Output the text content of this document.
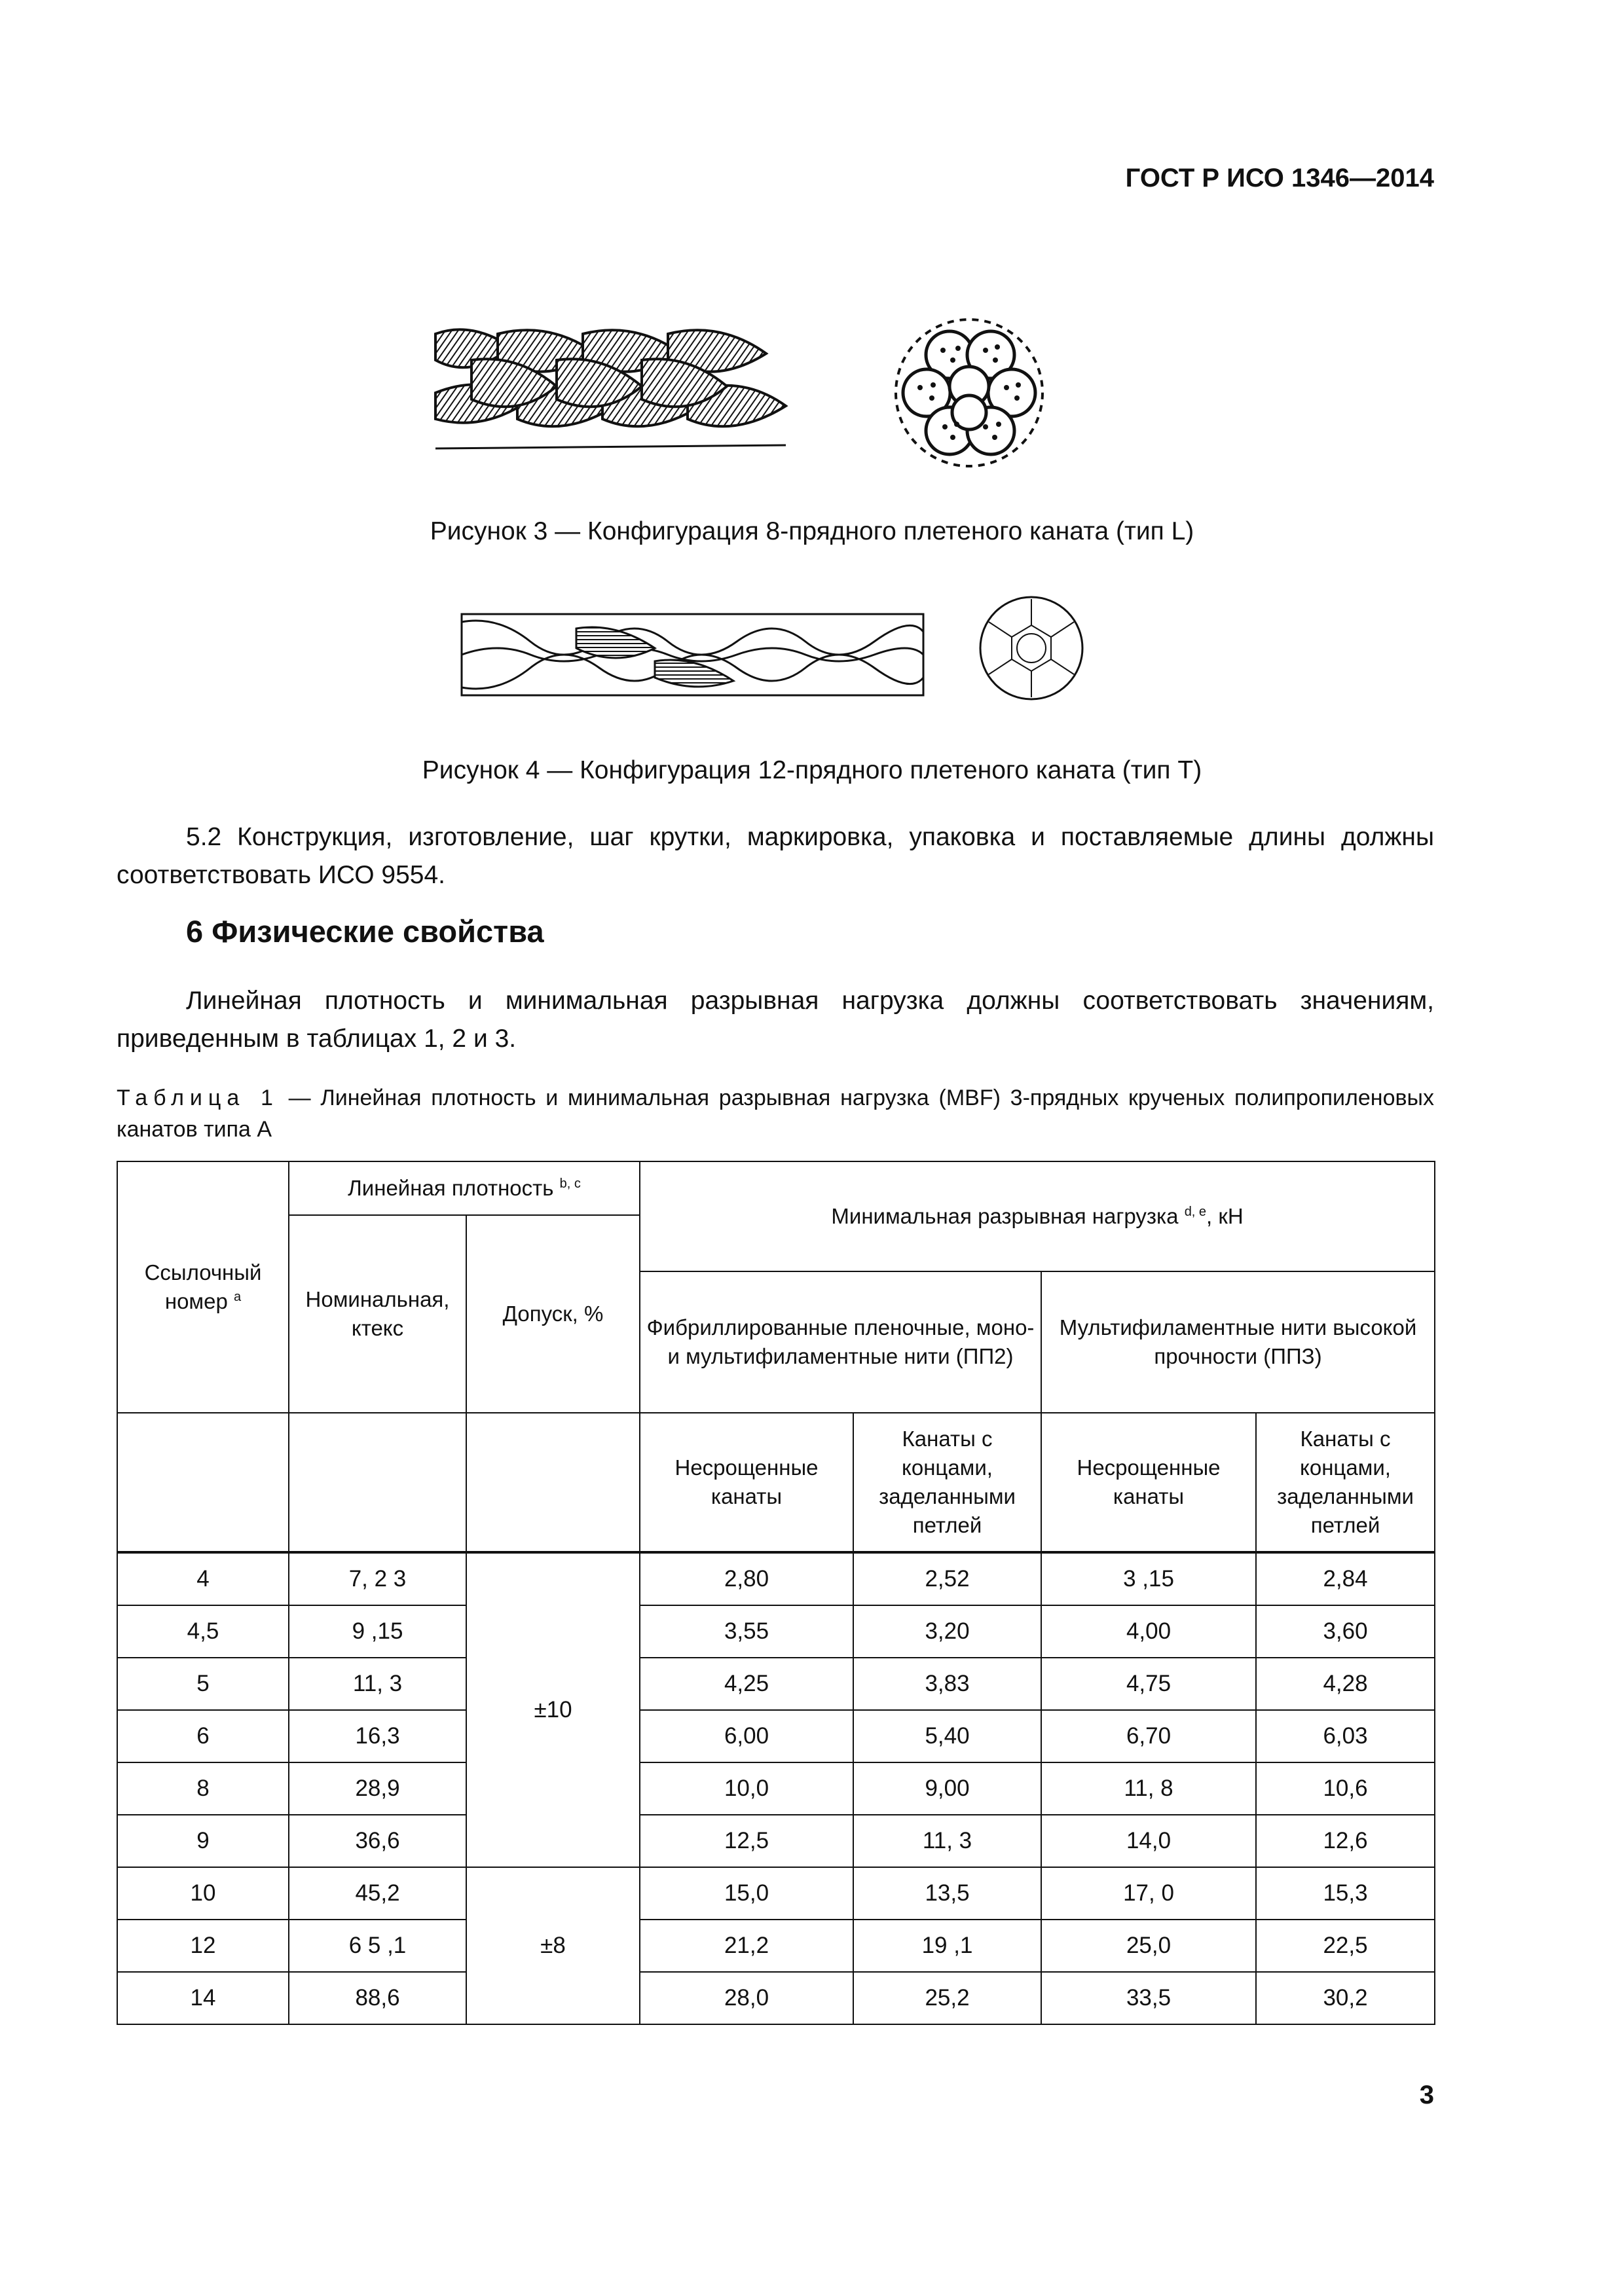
ГОСТ Р ИСО 1346—2014
Рисунок 3 — Конфигурация 8-прядного плетеного каната (тип L)
Рисунок 4 — Конфигурация 12-прядного плетеного каната (тип T)

5.2 Конструкция, изготовление, шаг крутки, маркировка, упаковка и поставляемые длины должны соответствовать ИСО 9554.

6 Физические свойства

Линейная плотность и минимальная разрывная нагрузка должны соответствовать значениям, приведенным в таблицах 1, 2 и 3.

Таблица 1 — Линейная плотность и минимальная разрывная нагрузка (MBF) 3-прядных крученых полипропиленовых канатов типа А
Ссылочный номер $^a$	Линейная плотность $^{b, c}$		Минимальная разрывная нагрузка $^{d, e}$, кН			
	Номинальная, ктекс	Допуск, %				
			Фибриллированные пленочные, моно- и мультифиламентные нити (ПП2)		Мультифиламентные нити высокой прочности (ППЗ)	
			Несрощенные канаты	Канаты с концами, заделанными петлей	Несрощенные канаты	Канаты с концами, заделанными петлей
4	7, 2 3	±10	2,80	2,52	3 ,15	2,84
4,5	9 ,15		3,55	3,20	4,00	3,60
5	11, 3		4,25	3,83	4,75	4,28
6	16,3		6,00	5,40	6,70	6,03
8	28,9		10,0	9,00	11, 8	10,6
9	36,6		12,5	11, 3	14,0	12,6
10	45,2	±8	15,0	13,5	17, 0	15,3
12	6 5 ,1		21,2	19 ,1	25,0	22,5
14	88,6		28,0	25,2	33,5	30,2
3
